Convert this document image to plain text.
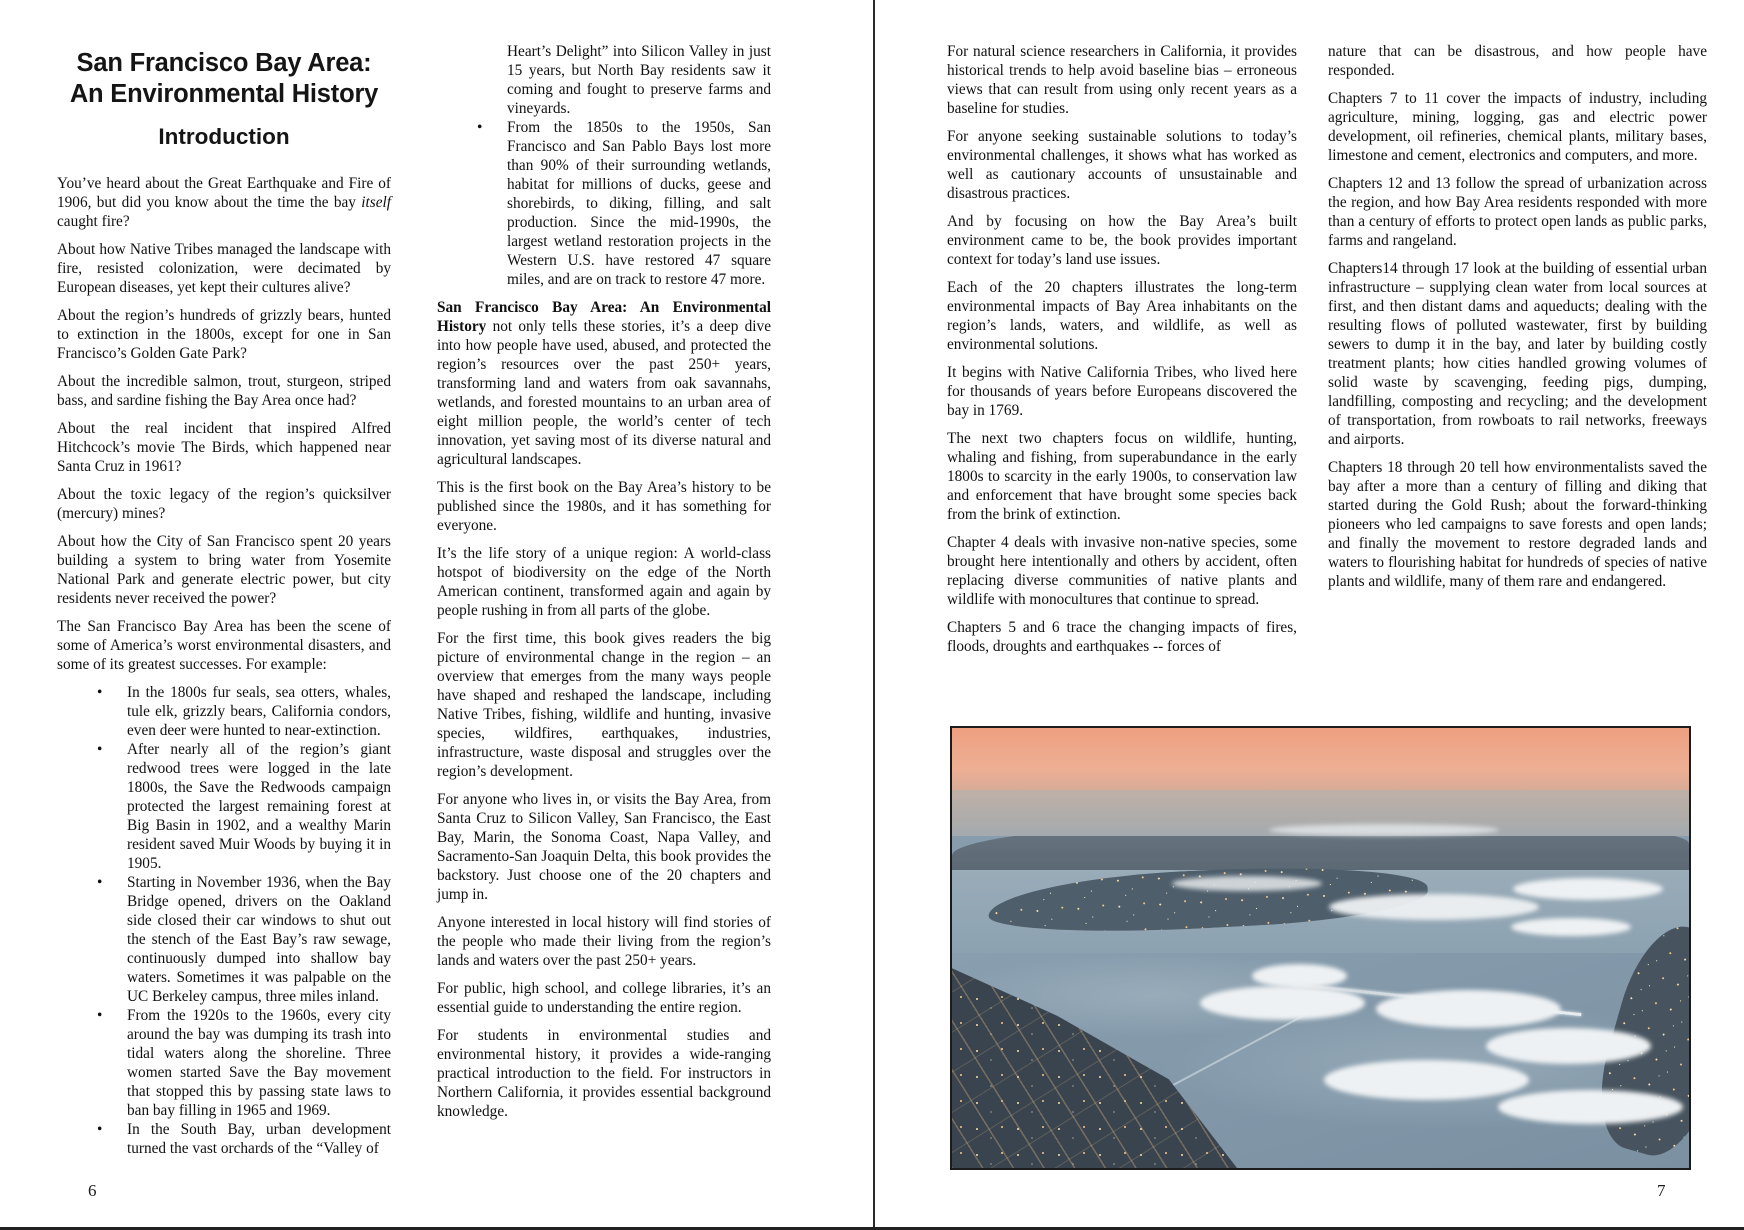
San Francisco Bay Area:
An Environmental History
Introduction

You’ve heard about the Great Earthquake and Fire of 1906, but did you know about the time the bay itself caught fire?

About how Native Tribes managed the landscape with fire, resisted colonization, were decimated by European diseases, yet kept their cultures alive?

About the region’s hundreds of grizzly bears, hunted to extinction in the 1800s, except for one in San Francisco’s Golden Gate Park?

About the incredible salmon, trout, sturgeon, striped bass, and sardine fishing the Bay Area once had?

About the real incident that inspired Alfred Hitchcock’s movie The Birds, which happened near Santa Cruz in 1961?

About the toxic legacy of the region’s quicksilver (mercury) mines?

About how the City of San Francisco spent 20 years building a system to bring water from Yosemite National Park and generate electric power, but city residents never received the power?

The San Francisco Bay Area has been the scene of some of America’s worst environmental disasters, and some of its greatest successes. For example:

• In the 1800s fur seals, sea otters, whales, tule elk, grizzly bears, California condors, even deer were hunted to near-extinction.
• After nearly all of the region’s giant redwood trees were logged in the late 1800s, the Save the Redwoods campaign protected the largest remaining forest at Big Basin in 1902, and a wealthy Marin resident saved Muir Woods by buying it in 1905.
• Starting in November 1936, when the Bay Bridge opened, drivers on the Oakland side closed their car windows to shut out the stench of the East Bay’s raw sewage, continuously dumped into shallow bay waters. Sometimes it was palpable on the UC Berkeley campus, three miles inland.
• From the 1920s to the 1960s, every city around the bay was dumping its trash into tidal waters along the shoreline. Three women started Save the Bay movement that stopped this by passing state laws to ban bay filling in 1965 and 1969.
• In the South Bay, urban development turned the vast orchards of the “Valley of

Heart’s Delight” into Silicon Valley in just 15 years, but North Bay residents saw it coming and fought to preserve farms and vineyards.

• From the 1850s to the 1950s, San Francisco and San Pablo Bays lost more than 90% of their surrounding wetlands, habitat for millions of ducks, geese and shorebirds, to diking, filling, and salt production. Since the mid-1990s, the largest wetland restoration projects in the Western U.S. have restored 47 square miles, and are on track to restore 47 more.

San Francisco Bay Area: An Environmental History not only tells these stories, it’s a deep dive into how people have used, abused, and protected the region’s resources over the past 250+ years, transforming land and waters from oak savannahs, wetlands, and forested mountains to an urban area of eight million people, the world’s center of tech innovation, yet saving most of its diverse natural and agricultural landscapes.

This is the first book on the Bay Area’s history to be published since the 1980s, and it has something for everyone.

It’s the life story of a unique region: A world-class hotspot of biodiversity on the edge of the North American continent, transformed again and again by people rushing in from all parts of the globe.

For the first time, this book gives readers the big picture of environmental change in the region – an overview that emerges from the many ways people have shaped and reshaped the landscape, including Native Tribes, fishing, wildlife and hunting, invasive species, wildfires, earthquakes, industries, infrastructure, waste disposal and struggles over the region’s development.

For anyone who lives in, or visits the Bay Area, from Santa Cruz to Silicon Valley, San Francisco, the East Bay, Marin, the Sonoma Coast, Napa Valley, and Sacramento-San Joaquin Delta, this book provides the backstory. Just choose one of the 20 chapters and jump in.

Anyone interested in local history will find stories of the people who made their living from the region’s lands and waters over the past 250+ years.

For public, high school, and college libraries, it’s an essential guide to understanding the entire region.

For students in environmental studies and environmental history, it provides a wide-ranging practical introduction to the field. For instructors in Northern California, it provides essential background knowledge.

For natural science researchers in California, it provides historical trends to help avoid baseline bias – erroneous views that can result from using only recent years as a baseline for studies.

For anyone seeking sustainable solutions to today’s environmental challenges, it shows what has worked as well as cautionary accounts of unsustainable and disastrous practices.

And by focusing on how the Bay Area’s built environment came to be, the book provides important context for today’s land use issues.

Each of the 20 chapters illustrates the long-term environmental impacts of Bay Area inhabitants on the region’s lands, waters, and wildlife, as well as environmental solutions.

It begins with Native California Tribes, who lived here for thousands of years before Europeans discovered the bay in 1769.

The next two chapters focus on wildlife, hunting, whaling and fishing, from superabundance in the early 1800s to scarcity in the early 1900s, to conservation law and enforcement that have brought some species back from the brink of extinction.

Chapter 4 deals with invasive non-native species, some brought here intentionally and others by accident, often replacing diverse communities of native plants and wildlife with monocultures that continue to spread.

Chapters 5 and 6 trace the changing impacts of fires, floods, droughts and earthquakes -- forces of

nature that can be disastrous, and how people have responded.

Chapters 7 to 11 cover the impacts of industry, including agriculture, mining, logging, gas and electric power development, oil refineries, chemical plants, military bases, limestone and cement, electronics and computers, and more.

Chapters 12 and 13 follow the spread of urbanization across the region, and how Bay Area residents responded with more than a century of efforts to protect open lands as public parks, farms and rangeland.

Chapters14 through 17 look at the building of essential urban infrastructure – supplying clean water from local sources at first, and then distant dams and aqueducts; dealing with the resulting flows of polluted wastewater, first by building sewers to dump it in the bay, and later by building costly treatment plants; how cities handled growing volumes of solid waste by scavenging, feeding pigs, dumping, landfilling, composting and recycling; and the development of transportation, from rowboats to rail networks, freeways and airports.

Chapters 18 through 20 tell how environmentalists saved the bay after a more than a century of filling and diking that started during the Gold Rush; about the forward-thinking pioneers who led campaigns to save forests and open lands; and finally the movement to restore degraded lands and waters to flourishing habitat for hundreds of species of native plants and wildlife, many of them rare and endangered.

6	7
